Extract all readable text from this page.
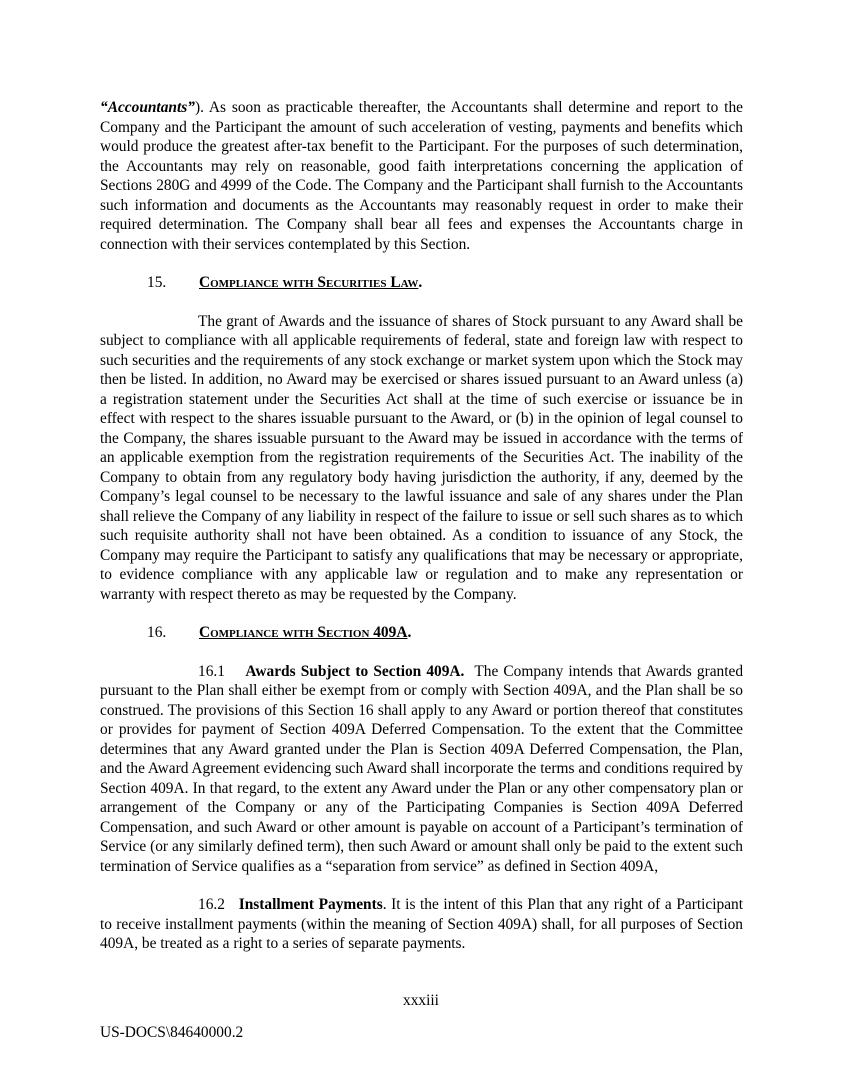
“Accountants”). As soon as practicable thereafter, the Accountants shall determine and report to the Company and the Participant the amount of such acceleration of vesting, payments and benefits which would produce the greatest after-tax benefit to the Participant. For the purposes of such determination, the Accountants may rely on reasonable, good faith interpretations concerning the application of Sections 280G and 4999 of the Code. The Company and the Participant shall furnish to the Accountants such information and documents as the Accountants may reasonably request in order to make their required determination. The Company shall bear all fees and expenses the Accountants charge in connection with their services contemplated by this Section.

15. Compliance with Securities Law.

The grant of Awards and the issuance of shares of Stock pursuant to any Award shall be subject to compliance with all applicable requirements of federal, state and foreign law with respect to such securities and the requirements of any stock exchange or market system upon which the Stock may then be listed. In addition, no Award may be exercised or shares issued pursuant to an Award unless (a) a registration statement under the Securities Act shall at the time of such exercise or issuance be in effect with respect to the shares issuable pursuant to the Award, or (b) in the opinion of legal counsel to the Company, the shares issuable pursuant to the Award may be issued in accordance with the terms of an applicable exemption from the registration requirements of the Securities Act. The inability of the Company to obtain from any regulatory body having jurisdiction the authority, if any, deemed by the Company’s legal counsel to be necessary to the lawful issuance and sale of any shares under the Plan shall relieve the Company of any liability in respect of the failure to issue or sell such shares as to which such requisite authority shall not have been obtained. As a condition to issuance of any Stock, the Company may require the Participant to satisfy any qualifications that may be necessary or appropriate, to evidence compliance with any applicable law or regulation and to make any representation or warranty with respect thereto as may be requested by the Company.

16. Compliance with Section 409A.

16.1 Awards Subject to Section 409A. The Company intends that Awards granted pursuant to the Plan shall either be exempt from or comply with Section 409A, and the Plan shall be so construed. The provisions of this Section 16 shall apply to any Award or portion thereof that constitutes or provides for payment of Section 409A Deferred Compensation. To the extent that the Committee determines that any Award granted under the Plan is Section 409A Deferred Compensation, the Plan, and the Award Agreement evidencing such Award shall incorporate the terms and conditions required by Section 409A. In that regard, to the extent any Award under the Plan or any other compensatory plan or arrangement of the Company or any of the Participating Companies is Section 409A Deferred Compensation, and such Award or other amount is payable on account of a Participant’s termination of Service (or any similarly defined term), then such Award or amount shall only be paid to the extent such termination of Service qualifies as a “separation from service” as defined in Section 409A,

16.2 Installment Payments. It is the intent of this Plan that any right of a Participant to receive installment payments (within the meaning of Section 409A) shall, for all purposes of Section 409A, be treated as a right to a series of separate payments.

xxxiii
US-DOCS\84640000.2
